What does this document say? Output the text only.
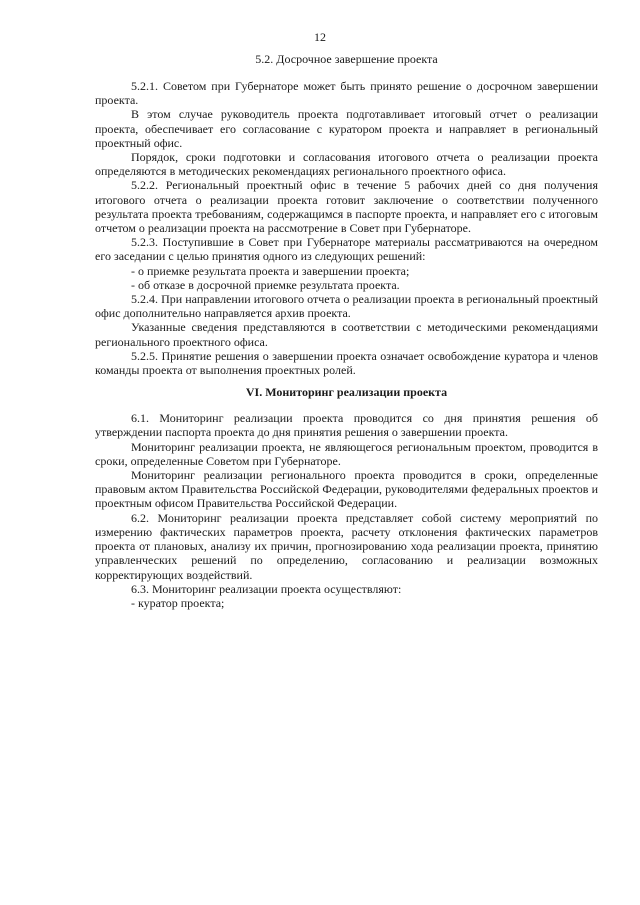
12

5.2. Досрочное завершение проекта

5.2.1. Советом при Губернаторе может быть принято решение о досрочном завершении проекта.

В этом случае руководитель проекта подготавливает итоговый отчет о реализации проекта, обеспечивает его согласование с куратором проекта и направляет в региональный проектный офис.

Порядок, сроки подготовки и согласования итогового отчета о реализации проекта определяются в методических рекомендациях регионального проектного офиса.

5.2.2. Региональный проектный офис в течение 5 рабочих дней со дня получения итогового отчета о реализации проекта готовит заключение о соответствии полученного результата проекта требованиям, содержащимся в паспорте проекта, и направляет его с итоговым отчетом о реализации проекта на рассмотрение в Совет при Губернаторе.

5.2.3. Поступившие в Совет при Губернаторе материалы рассматриваются на очередном его заседании с целью принятия одного из следующих решений:

- о приемке результата проекта и завершении проекта;

- об отказе в досрочной приемке результата проекта.

5.2.4. При направлении итогового отчета о реализации проекта в региональный проектный офис дополнительно направляется архив проекта.

Указанные сведения представляются в соответствии с методическими рекомендациями регионального проектного офиса.

5.2.5. Принятие решения о завершении проекта означает освобождение куратора и членов команды проекта от выполнения проектных ролей.

VI. Мониторинг реализации проекта

6.1. Мониторинг реализации проекта проводится со дня принятия решения об утверждении паспорта проекта до дня принятия решения о завершении проекта.

Мониторинг реализации проекта, не являющегося региональным проектом, проводится в сроки, определенные Советом при Губернаторе.

Мониторинг реализации регионального проекта проводится в сроки, определенные правовым актом Правительства Российской Федерации, руководителями федеральных проектов и проектным офисом Правительства Российской Федерации.

6.2. Мониторинг реализации проекта представляет собой систему мероприятий по измерению фактических параметров проекта, расчету отклонения фактических параметров проекта от плановых, анализу их причин, прогнозированию хода реализации проекта, принятию управленческих решений по определению, согласованию и реализации возможных корректирующих воздействий.

6.3. Мониторинг реализации проекта осуществляют:

- куратор проекта;
